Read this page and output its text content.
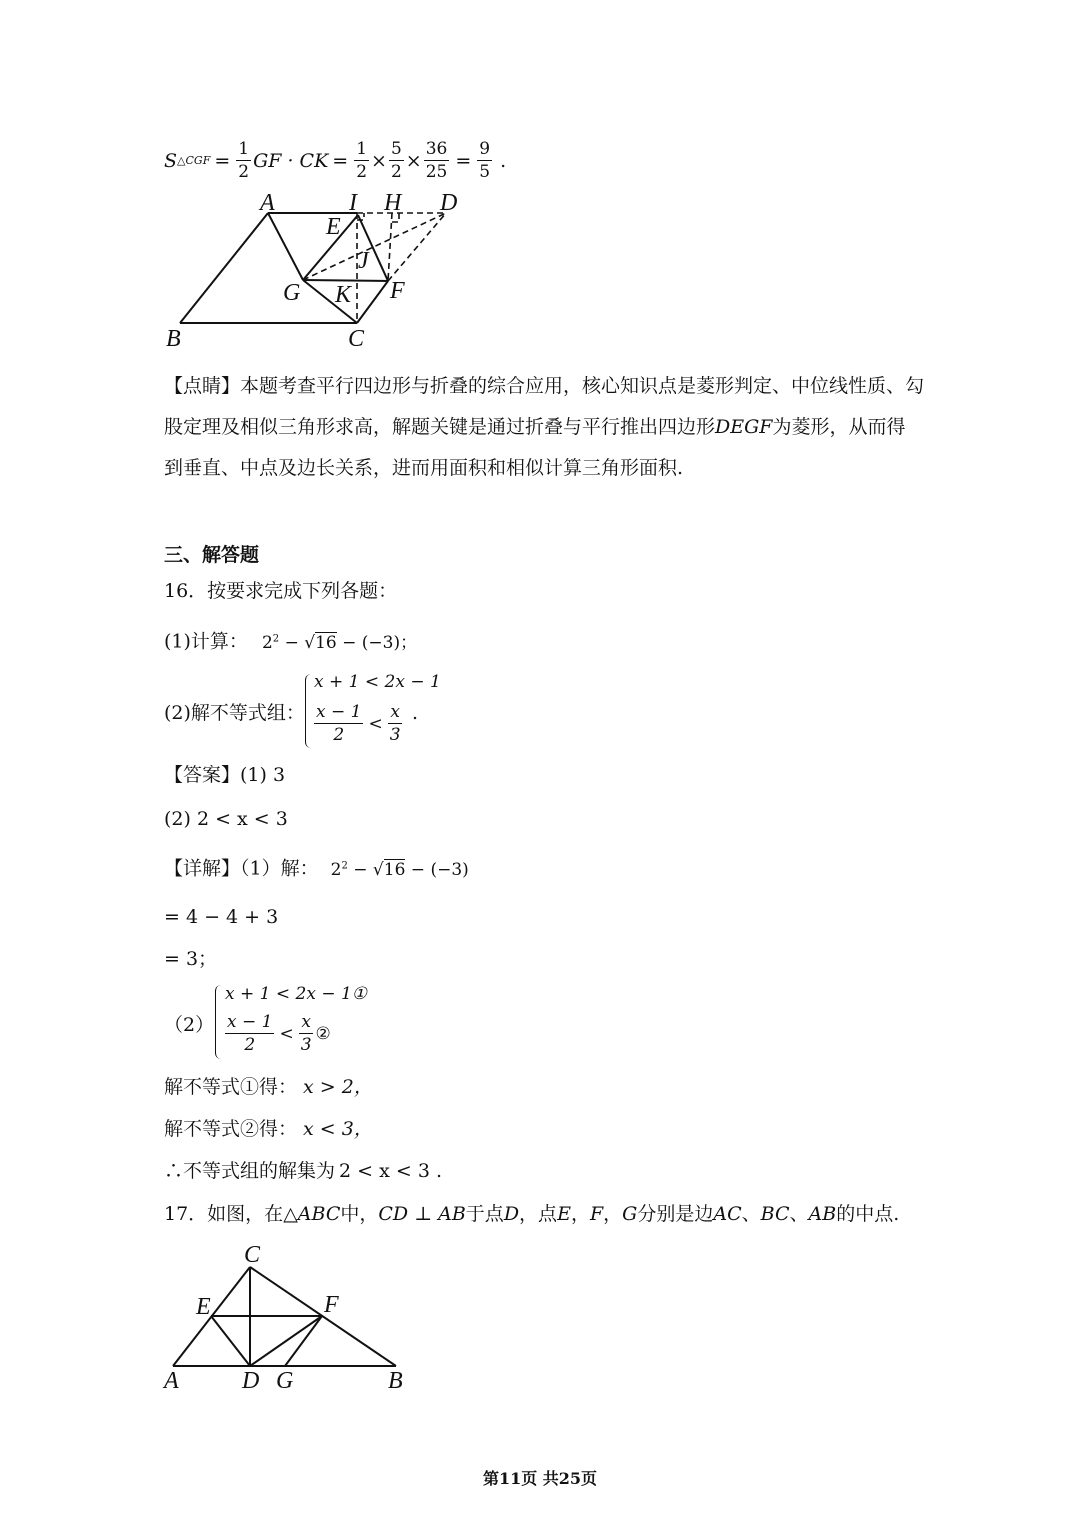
S △CGF = $\frac{1}{2}$ GF · CK = $\frac{1}{2} \times \frac{5}{2} \times \frac{36}{25} = \frac{9}{5}$ .
A	I H D
E
J
G K F
B	C
【点睛】本题考查平行四边形与折叠的综合应用，核心知识点是菱形判定、中位线性质、勾
股定理及相似三角形求高，解题关键是通过折叠与平行推出四边形DEGF为菱形，从而得
到垂直、中点及边长关系，进而用面积和相似计算三角形面积.
三、解答题
16．按要求完成下列各题：
(1)计算： $2^2 - √16 - (-3)$；
(2)解不等式组：
x + 1 < 2x − 1
$\frac{x - 1}{2} < \frac{x}{3}$ .
【答案】(1) 3
(2) 2 < x < 3
【详解】（1）解： $2^2 - √16 - (-3)$
= 4 − 4 + 3
= 3；
（2）
x + 1 < 2x − 1①
$\frac{x - 1}{2} < \frac{x}{3}$ ②
解不等式①得： x > 2，
解不等式②得： x < 3，
∴不等式组的解集为 2 < x < 3 .
17．如图，在△ABC中，CD ⊥ AB于点D，点E，F，G分别是边AC、BC、AB的中点.
C
E	F
A	D G	B
第11页 共25页
